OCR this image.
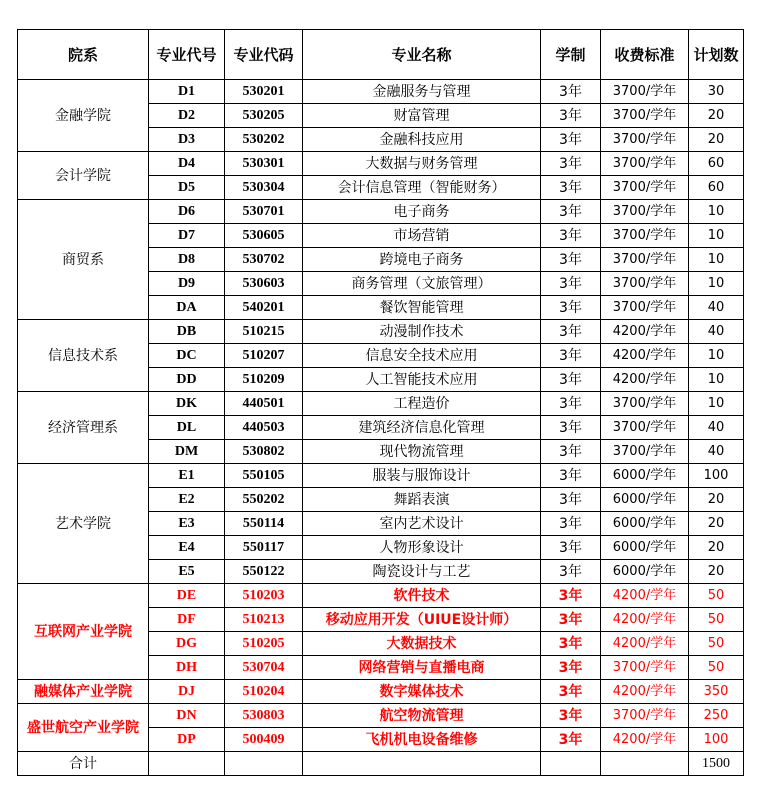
院系	专业代号	专业代码	专业名称	学制	收费标准	计划数
金融学院	D1	530201	金融服务与管理	3年	3700/学年	30
	D2	530205	财富管理	3年	3700/学年	20
	D3	530202	金融科技应用	3年	3700/学年	20
会计学院	D4	530301	大数据与财务管理	3年	3700/学年	60
	D5	530304	会计信息管理（智能财务）	3年	3700/学年	60
商贸系	D6	530701	电子商务	3年	3700/学年	10
	D7	530605	市场营销	3年	3700/学年	10
	D8	530702	跨境电子商务	3年	3700/学年	10
	D9	530603	商务管理（文旅管理）	3年	3700/学年	10
	DA	540201	餐饮智能管理	3年	3700/学年	40
信息技术系	DB	510215	动漫制作技术	3年	4200/学年	40
	DC	510207	信息安全技术应用	3年	4200/学年	10
	DD	510209	人工智能技术应用	3年	4200/学年	10
经济管理系	DK	440501	工程造价	3年	3700/学年	10
	DL	440503	建筑经济信息化管理	3年	3700/学年	40
	DM	530802	现代物流管理	3年	3700/学年	40
艺术学院	E1	550105	服装与服饰设计	3年	6000/学年	100
	E2	550202	舞蹈表演	3年	6000/学年	20
	E3	550114	室内艺术设计	3年	6000/学年	20
	E4	550117	人物形象设计	3年	6000/学年	20
	E5	550122	陶瓷设计与工艺	3年	6000/学年	20
互联网产业学院	DE	510203	软件技术	3年	4200/学年	50
	DF	510213	移动应用开发（UIUE设计师）	3年	4200/学年	50
	DG	510205	大数据技术	3年	4200/学年	50
	DH	530704	网络营销与直播电商	3年	3700/学年	50
融媒体产业学院	DJ	510204	数字媒体技术	3年	4200/学年	350
盛世航空产业学院	DN	530803	航空物流管理	3年	3700/学年	250
	DP	500409	飞机机电设备维修	3年	4200/学年	100
合计						1500
